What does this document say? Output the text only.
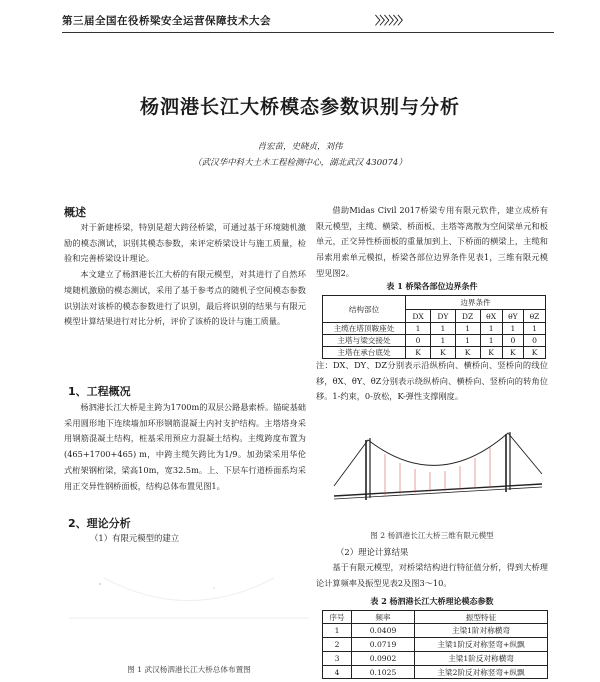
第三届全国在役桥梁安全运营保障技术大会	〉〉〉〉〉〉
杨泗港长江大桥模态参数识别与分析
肖宏苗，史晓贞，刘伟
（武汉华中科大土木工程检测中心，湖北武汉 430074）
概述

对于新建桥梁，特别是超大跨径桥梁，可通过基于环境随机激励的模态测试，识别其模态参数，来评定桥梁设计与施工质量，检验和完善桥梁设计理论。

本文建立了杨泗港长江大桥的有限元模型，对其进行了自然环境随机激励的模态测试，采用了基于参考点的随机子空间模态参数识别法对该桥的模态参数进行了识别，最后将识别的结果与有限元模型计算结果进行对比分析，评价了该桥的设计与施工质量。

1、工程概况

杨泗港长江大桥是主跨为1700m的双层公路悬索桥。锚碇基础采用圆形地下连续墙加环形钢筋混凝土内衬支护结构。主塔塔身采用钢筋混凝土结构，桩基采用预应力混凝土结构。主缆跨度布置为(465+1700+465) m，中跨主缆矢跨比为1/9。加劲梁采用华伦式桁架钢桁梁，梁高10m，宽32.5m。上、下层车行道桥面系均采用正交异性钢桥面板，结构总体布置见图1。

2、理论分析
（1）有限元模型的建立
图 1 武汉杨泗港长江大桥总体布置图

借助Midas Civil 2017桥梁专用有限元软件，建立成桥有限元模型，主缆、横梁、桥面板、主塔等离散为空间梁单元和板单元，正交异性桥面板的重量加到上、下桥面的横梁上，主缆和吊索用索单元模拟，桥梁各部位边界条件见表1，三维有限元模型见图2。

表 1 桥梁各部位边界条件
结构部位	边界条件					
	DX	DY	DZ	θX	θY	θZ
主缆在塔顶鞍座处	1	1	1	1	1	1
主塔与梁交接处	0	1	1	1	0	0
主塔在承台底处	K	K	K	K	K	K

注：DX、DY、DZ分别表示沿纵桥向、横桥向、竖桥向的线位移，θX、θY、θZ分别表示绕纵桥向、横桥向、竖桥向的转角位移。1-约束，0-放松，K-弹性支撑刚度。

图 2 杨泗港长江大桥三维有限元模型
（2）理论计算结果

基于有限元模型，对桥梁结构进行特征值分析，得到大桥理论计算频率及振型见表2及图3～10。

表 2 杨泗港长江大桥理论模态参数
序号	频率	振型特征
1	0.0409	主梁1阶对称横弯
2	0.0719	主梁1阶反对称竖弯+纵飘
3	0.0902	主梁1阶反对称横弯
4	0.1025	主梁2阶反对称竖弯+纵飘
